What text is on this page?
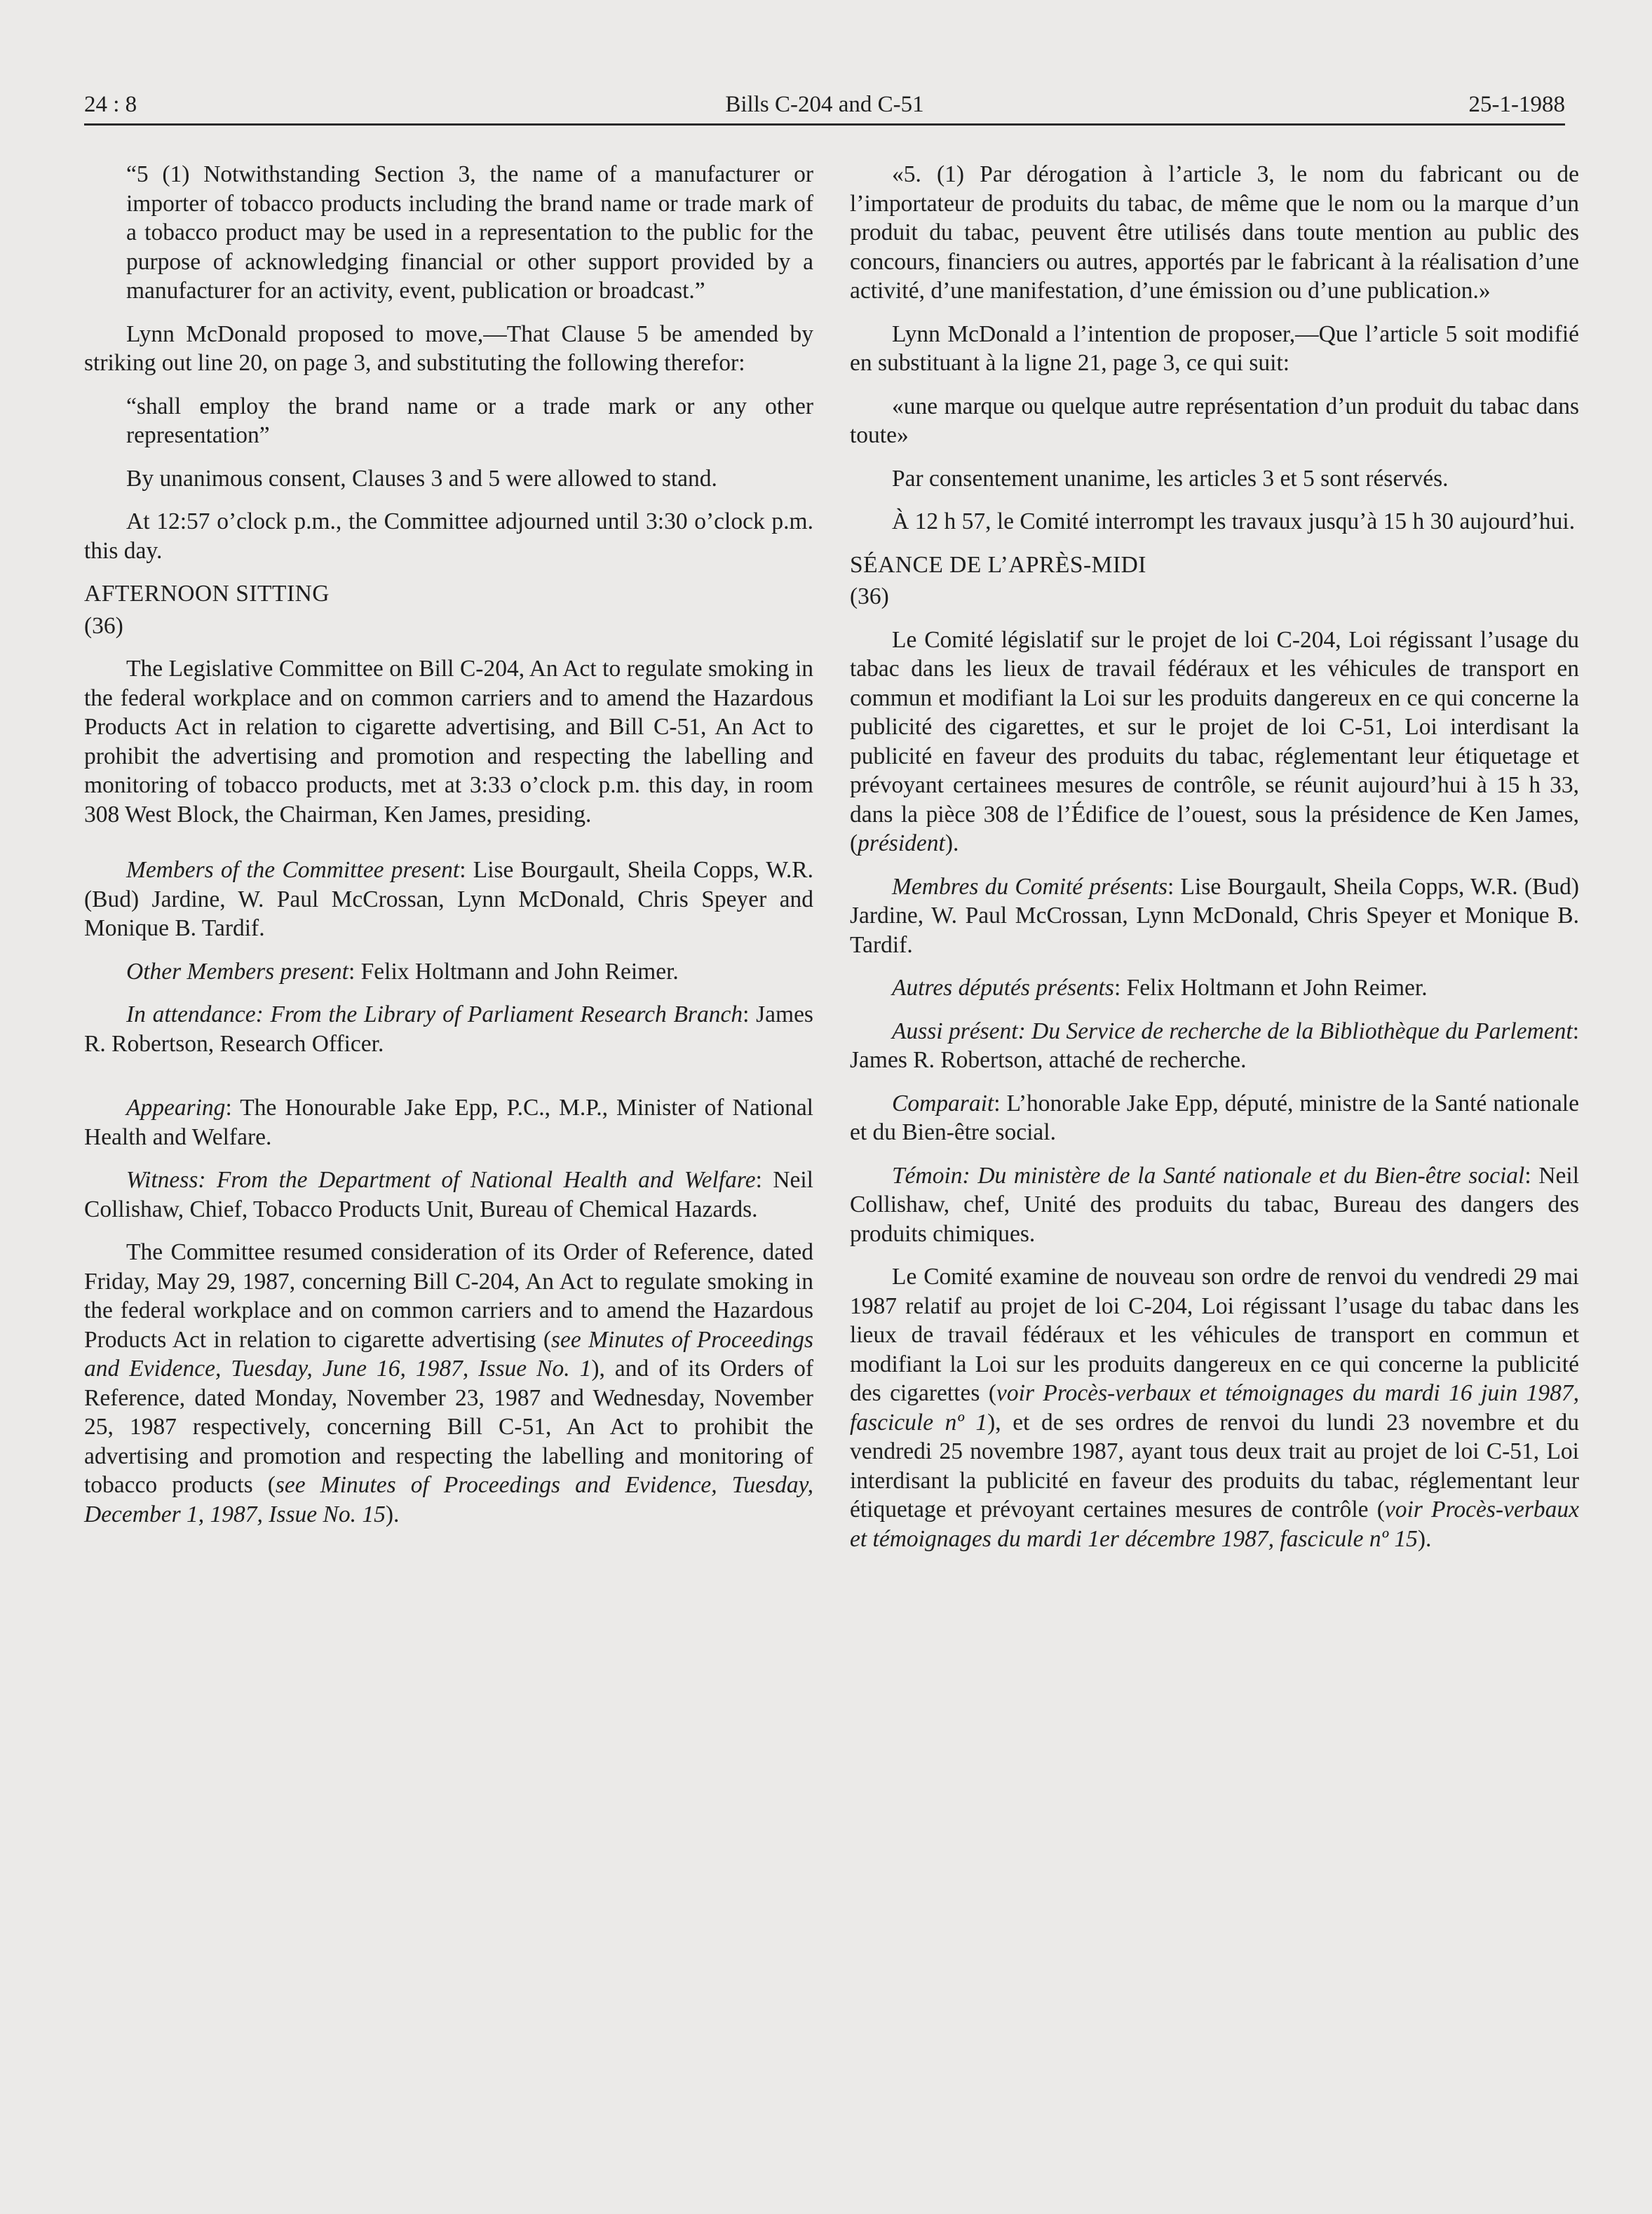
24 : 8	Bills C-204 and C-51	25-1-1988

“5 (1) Notwithstanding Section 3, the name of a manufacturer or importer of tobacco products including the brand name or trade mark of a tobacco product may be used in a representation to the public for the purpose of acknowledging financial or other support provided by a manufacturer for an activity, event, publication or broadcast.”

Lynn McDonald proposed to move,—That Clause 5 be amended by striking out line 20, on page 3, and substituting the following therefor:

“shall employ the brand name or a trade mark or any other representation”

By unanimous consent, Clauses 3 and 5 were allowed to stand.

At 12:57 o’clock p.m., the Committee adjourned until 3:30 o’clock p.m. this day.

AFTERNOON SITTING

(36)

The Legislative Committee on Bill C-204, An Act to regulate smoking in the federal workplace and on common carriers and to amend the Hazardous Products Act in relation to cigarette advertising, and Bill C-51, An Act to prohibit the advertising and promotion and respecting the labelling and monitoring of tobacco products, met at 3:33 o’clock p.m. this day, in room 308 West Block, the Chairman, Ken James, presiding.

Members of the Committee present: Lise Bourgault, Sheila Copps, W.R. (Bud) Jardine, W. Paul McCrossan, Lynn McDonald, Chris Speyer and Monique B. Tardif.

Other Members present: Felix Holtmann and John Reimer.

In attendance: From the Library of Parliament Research Branch: James R. Robertson, Research Officer.

Appearing: The Honourable Jake Epp, P.C., M.P., Minister of National Health and Welfare.

Witness: From the Department of National Health and Welfare: Neil Collishaw, Chief, Tobacco Products Unit, Bureau of Chemical Hazards.

The Committee resumed consideration of its Order of Reference, dated Friday, May 29, 1987, concerning Bill C-204, An Act to regulate smoking in the federal workplace and on common carriers and to amend the Hazardous Products Act in relation to cigarette advertising (see Minutes of Proceedings and Evidence, Tuesday, June 16, 1987, Issue No. 1), and of its Orders of Reference, dated Monday, November 23, 1987 and Wednesday, November 25, 1987 respectively, concerning Bill C-51, An Act to prohibit the advertising and promotion and respecting the labelling and monitoring of tobacco products (see Minutes of Proceedings and Evidence, Tuesday, December 1, 1987, Issue No. 15).

«5. (1) Par dérogation à l’article 3, le nom du fabricant ou de l’importateur de produits du tabac, de même que le nom ou la marque d’un produit du tabac, peuvent être utilisés dans toute mention au public des concours, financiers ou autres, apportés par le fabricant à la réalisation d’une activité, d’une manifestation, d’une émission ou d’une publication.»

Lynn McDonald a l’intention de proposer,—Que l’article 5 soit modifié en substituant à la ligne 21, page 3, ce qui suit:

«une marque ou quelque autre représentation d’un produit du tabac dans toute»

Par consentement unanime, les articles 3 et 5 sont réservés.

À 12 h 57, le Comité interrompt les travaux jusqu’à 15 h 30 aujourd’hui.

SÉANCE DE L’APRÈS-MIDI

(36)

Le Comité législatif sur le projet de loi C-204, Loi régissant l’usage du tabac dans les lieux de travail fédéraux et les véhicules de transport en commun et modifiant la Loi sur les produits dangereux en ce qui concerne la publicité des cigarettes, et sur le projet de loi C-51, Loi interdisant la publicité en faveur des produits du tabac, réglementant leur étiquetage et prévoyant certainees mesures de contrôle, se réunit aujourd’hui à 15 h 33, dans la pièce 308 de l’Édifice de l’ouest, sous la présidence de Ken James, (président).

Membres du Comité présents: Lise Bourgault, Sheila Copps, W.R. (Bud) Jardine, W. Paul McCrossan, Lynn McDonald, Chris Speyer et Monique B. Tardif.

Autres députés présents: Felix Holtmann et John Reimer.

Aussi présent: Du Service de recherche de la Bibliothèque du Parlement: James R. Robertson, attaché de recherche.

Comparait: L’honorable Jake Epp, député, ministre de la Santé nationale et du Bien-être social.

Témoin: Du ministère de la Santé nationale et du Bien-être social: Neil Collishaw, chef, Unité des produits du tabac, Bureau des dangers des produits chimiques.

Le Comité examine de nouveau son ordre de renvoi du vendredi 29 mai 1987 relatif au projet de loi C-204, Loi régissant l’usage du tabac dans les lieux de travail fédéraux et les véhicules de transport en commun et modifiant la Loi sur les produits dangereux en ce qui concerne la publicité des cigarettes (voir Procès-verbaux et témoignages du mardi 16 juin 1987, fascicule nº 1), et de ses ordres de renvoi du lundi 23 novembre et du vendredi 25 novembre 1987, ayant tous deux trait au projet de loi C-51, Loi interdisant la publicité en faveur des produits du tabac, réglementant leur étiquetage et prévoyant certaines mesures de contrôle (voir Procès-verbaux et témoignages du mardi 1er décembre 1987, fascicule nº 15).
